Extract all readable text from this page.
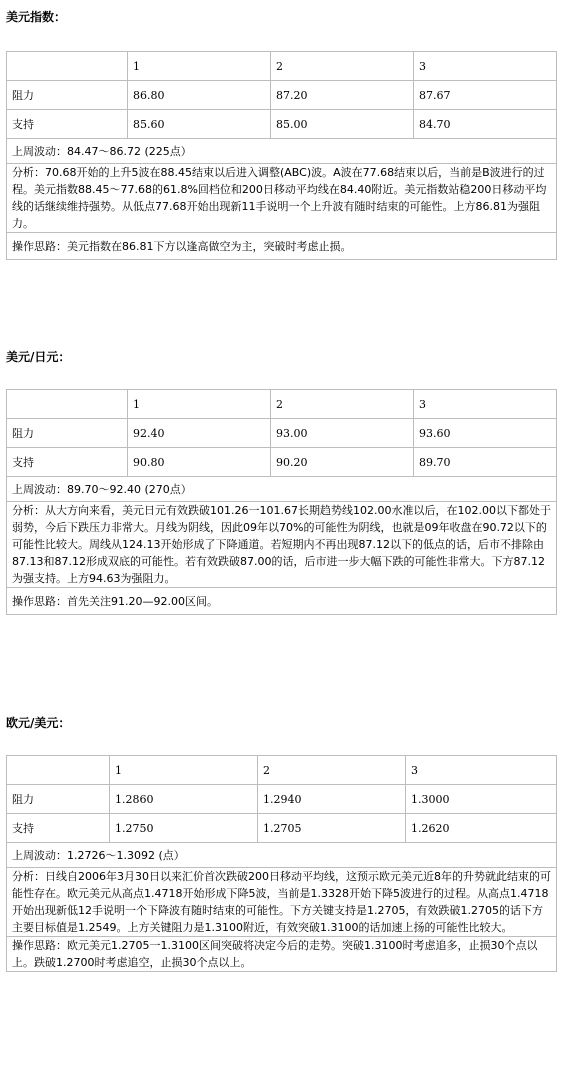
美元指数：
	1	2	3
阻力	86.80	87.20	87.67
支持	85.60	85.00	84.70
上周波动：84.47～86.72 (225点）			
分析：70.68开始的上升5波在88.45结束以后进入调整(ABC)波。A波在77.68结束以后，当前是B波进行的过程。美元指数88.45～77.68的61.8%回档位和200日移动平均线在84.40附近。美元指数站稳200日移动平均线的话继续维持强势。从低点77.68开始出现新11手说明一个上升波有随时结束的可能性。上方86.81为强阻力。			
操作思路：美元指数在86.81下方以逢高做空为主，突破时考虑止损。			
美元/日元：
	1	2	3
阻力	92.40	93.00	93.60
支持	90.80	90.20	89.70
上周波动：89.70～92.40 (270点）			
分析：从大方向来看，美元日元有效跌破101.26一101.67长期趋势线102.00水准以后，在102.00以下都处于弱势，今后下跌压力非常大。月线为阴线，因此09年以70%的可能性为阴线，也就是09年收盘在90.72以下的可能性比较大。周线从124.13开始形成了下降通道。若短期内不再出现87.12以下的低点的话，后市不排除由87.13和87.12形成双底的可能性。若有效跌破87.00的话，后市进一步大幅下跌的可能性非常大。下方87.12为强支持。上方94.63为强阻力。			
操作思路：首先关注91.20—92.00区间。			
欧元/美元：
	1	2	3
阻力	1.2860	1.2940	1.3000
支持	1.2750	1.2705	1.2620
上周波动：1.2726～1.3092 (点）			
分析：日线自2006年3月30日以来汇价首次跌破200日移动平均线，这预示欧元美元近8年的升势就此结束的可能性存在。欧元美元从高点1.4718开始形成下降5波，当前是1.3328开始下降5波进行的过程。从高点1.4718开始出现新低12手说明一个下降波有随时结束的可能性。下方关键支持是1.2705，有效跌破1.2705的话下方主要目标值是1.2549。上方关键阻力是1.3100附近，有效突破1.3100的话加速上扬的可能性比较大。			
操作思路：欧元美元1.2705一1.3100区间突破将决定今后的走势。突破1.3100时考虑追多，止损30个点以上。跌破1.2700时考虑追空，止损30个点以上。			
